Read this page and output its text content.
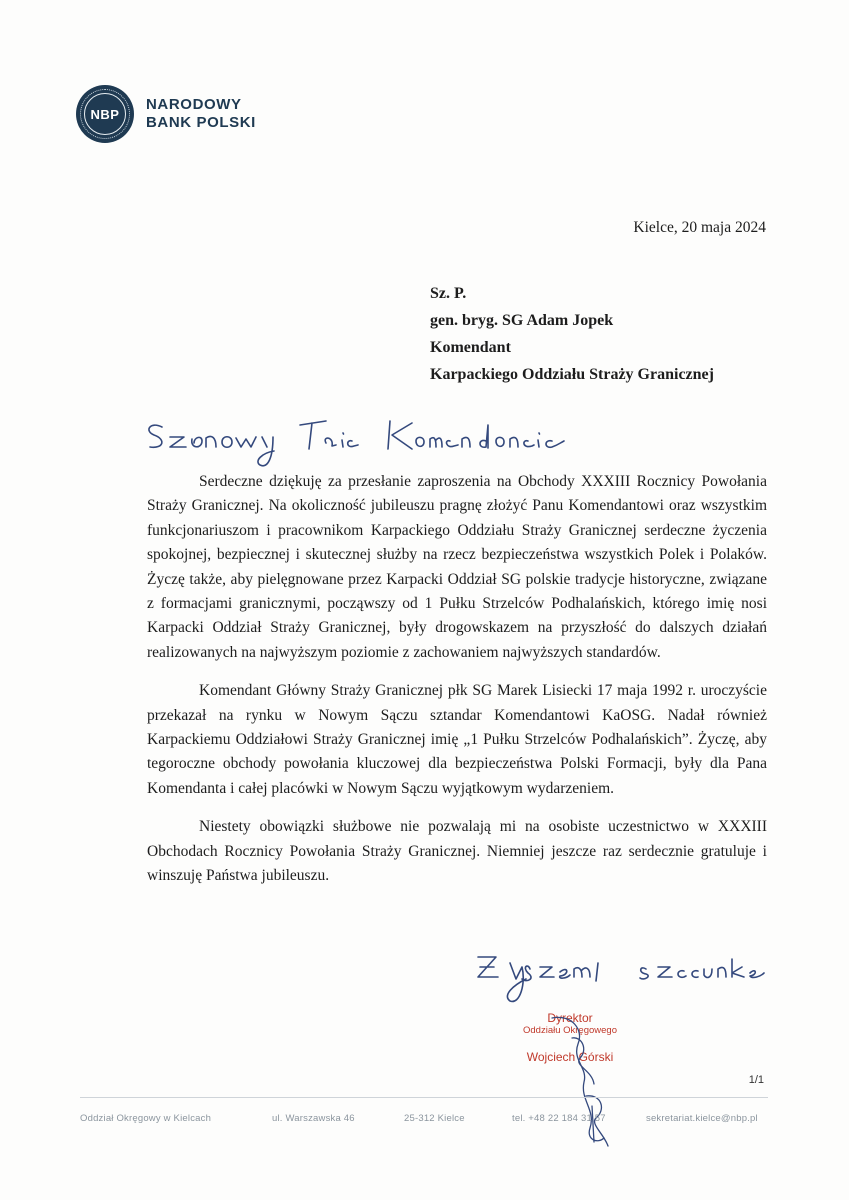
NBP
NARODOWY
BANK POLSKI
Kielce, 20 maja 2024
Sz. P.
gen. bryg. SG Adam Jopek
Komendant
Karpackiego Oddziału Straży Granicznej

Serdeczne dziękuję za przesłanie zaproszenia na Obchody XXXIII Rocznicy Powołania Straży Granicznej. Na okoliczność jubileuszu pragnę złożyć Panu Komendantowi oraz wszystkim funkcjonariuszom i pracownikom Karpackiego Oddziału Straży Granicznej serdeczne życzenia spokojnej, bezpiecznej i skutecznej służby na rzecz bezpieczeństwa wszystkich Polek i Polaków. Życzę także, aby pielęgnowane przez Karpacki Oddział SG polskie tradycje historyczne, związane z formacjami granicznymi, począwszy od 1 Pułku Strzelców Podhalańskich, którego imię nosi Karpacki Oddział Straży Granicznej, były drogowskazem na przyszłość do dalszych działań realizowanych na najwyższym poziomie z zachowaniem najwyższych standardów.

Komendant Główny Straży Granicznej płk SG Marek Lisiecki 17 maja 1992 r. uroczyście przekazał na rynku w Nowym Sączu sztandar Komendantowi KaOSG. Nadał również Karpackiemu Oddziałowi Straży Granicznej imię „1 Pułku Strzelców Podhalańskich”. Życzę, aby tegoroczne obchody powołania kluczowej dla bezpieczeństwa Polski Formacji, były dla Pana Komendanta i całej placówki w Nowym Sączu wyjątkowym wydarzeniem.

Niestety obowiązki służbowe nie pozwalają mi na osobiste uczestnictwo w XXXIII Obchodach Rocznicy Powołania Straży Granicznej. Niemniej jeszcze raz serdecznie gratuluje i winszuję Państwa jubileuszu.

Dyrektor
Oddziału Okręgowego
Wojciech Górski
1/1
Oddział Okręgowy w Kielcach	ul. Warszawska 46	25-312 Kielce	tel. +48 22 184 31 57	sekretariat.kielce@nbp.pl
